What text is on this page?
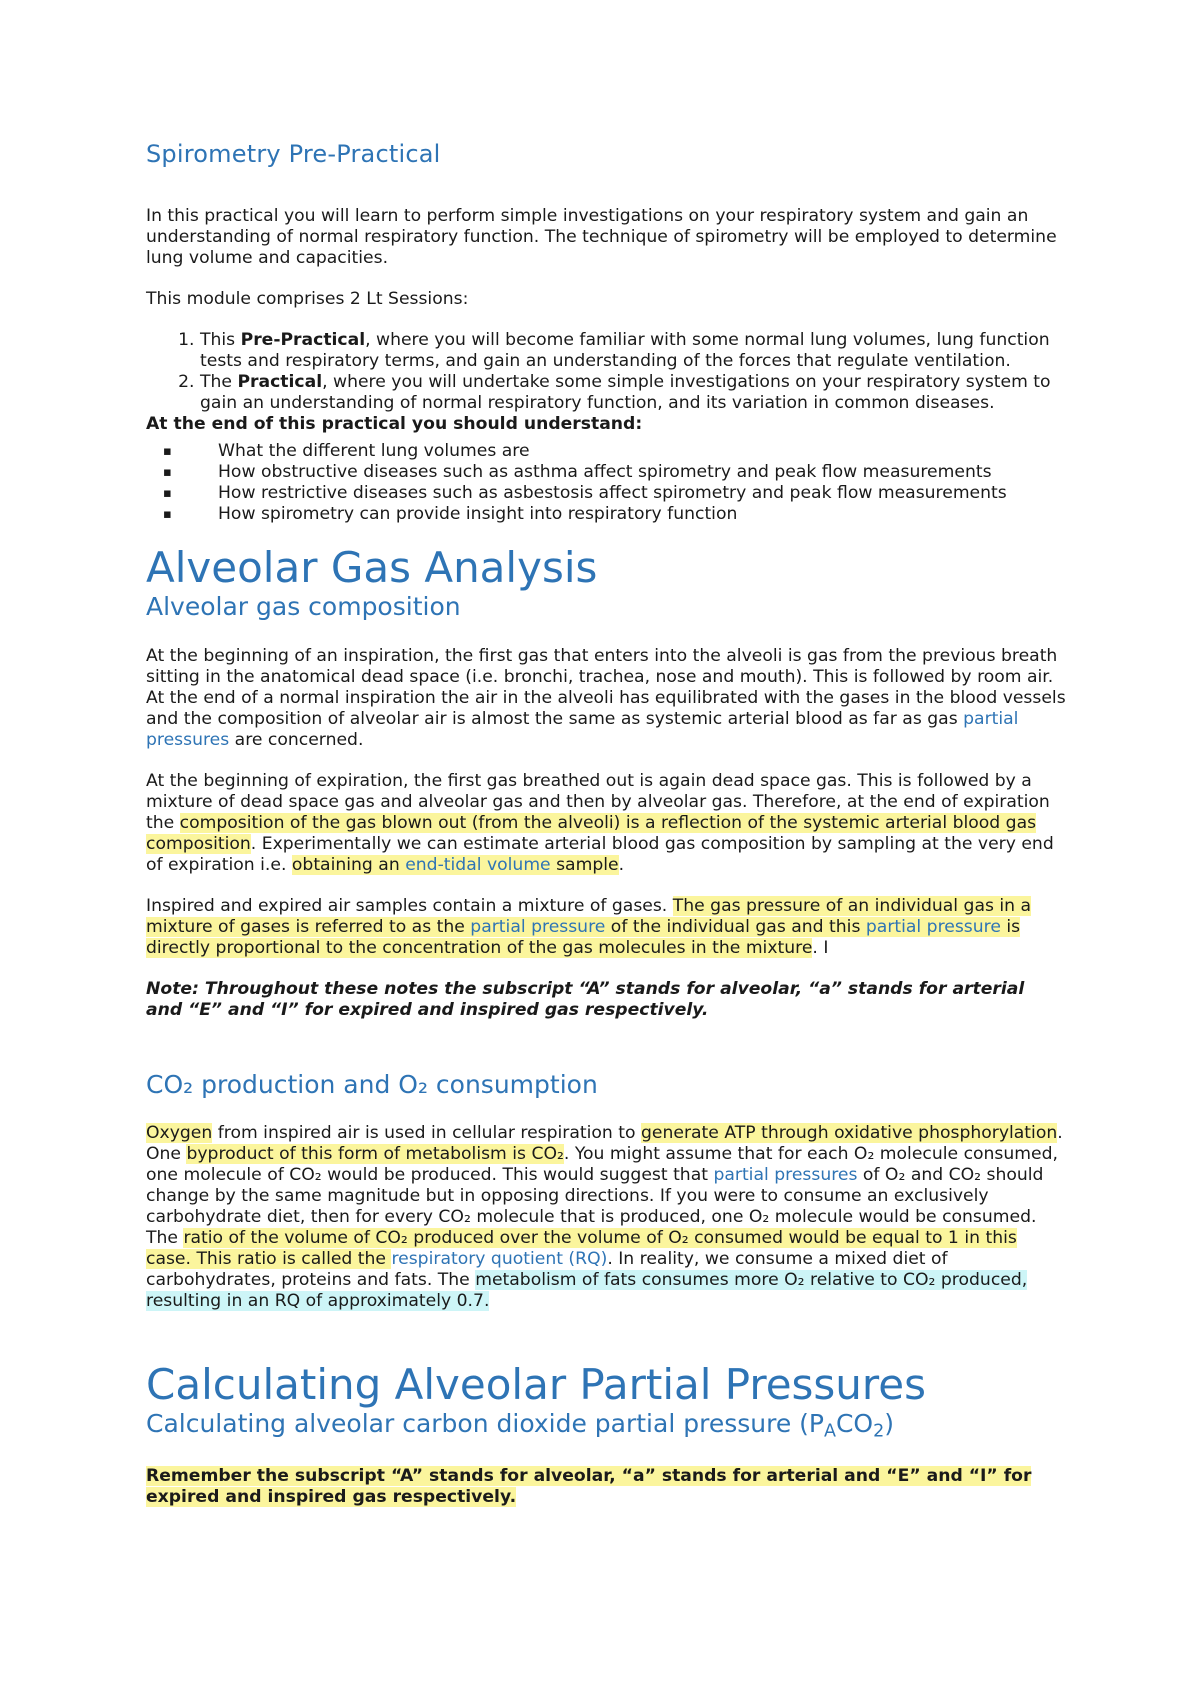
Spirometry Pre-Practical

In this practical you will learn to perform simple investigations on your respiratory system and gain an understanding of normal respiratory function. The technique of spirometry will be employed to determine lung volume and capacities.

This module comprises 2 Lt Sessions:

1. This Pre-Practical, where you will become familiar with some normal lung volumes, lung function tests and respiratory terms, and gain an understanding of the forces that regulate ventilation.
2. The Practical, where you will undertake some simple investigations on your respiratory system to gain an understanding of normal respiratory function, and its variation in common diseases.

At the end of this practical you should understand:

▪ What the different lung volumes are
▪ How obstructive diseases such as asthma affect spirometry and peak flow measurements
▪ How restrictive diseases such as asbestosis affect spirometry and peak flow measurements
▪ How spirometry can provide insight into respiratory function
Alveolar Gas Analysis
Alveolar gas composition

At the beginning of an inspiration, the first gas that enters into the alveoli is gas from the previous breath sitting in the anatomical dead space (i.e. bronchi, trachea, nose and mouth). This is followed by room air. At the end of a normal inspiration the air in the alveoli has equilibrated with the gases in the blood vessels and the composition of alveolar air is almost the same as systemic arterial blood as far as gas partial pressures are concerned.

At the beginning of expiration, the first gas breathed out is again dead space gas. This is followed by a mixture of dead space gas and alveolar gas and then by alveolar gas. Therefore, at the end of expiration the composition of the gas blown out (from the alveoli) is a reflection of the systemic arterial blood gas composition. Experimentally we can estimate arterial blood gas composition by sampling at the very end of expiration i.e. obtaining an end-tidal volume sample.

Inspired and expired air samples contain a mixture of gases. The gas pressure of an individual gas in a mixture of gases is referred to as the partial pressure of the individual gas and this partial pressure is directly proportional to the concentration of the gas molecules in the mixture. I

Note: Throughout these notes the subscript “A” stands for alveolar, “a” stands for arterial and “E” and “I” for expired and inspired gas respectively.

CO₂ production and O₂ consumption

Oxygen from inspired air is used in cellular respiration to generate ATP through oxidative phosphorylation. One byproduct of this form of metabolism is CO₂. You might assume that for each O₂ molecule consumed, one molecule of CO₂ would be produced. This would suggest that partial pressures of O₂ and CO₂ should change by the same magnitude but in opposing directions. If you were to consume an exclusively carbohydrate diet, then for every CO₂ molecule that is produced, one O₂ molecule would be consumed. The ratio of the volume of CO₂ produced over the volume of O₂ consumed would be equal to 1 in this case. This ratio is called the respiratory quotient (RQ). In reality, we consume a mixed diet of carbohydrates, proteins and fats. The metabolism of fats consumes more O₂ relative to CO₂ produced, resulting in an RQ of approximately 0.7.

Calculating Alveolar Partial Pressures
Calculating alveolar carbon dioxide partial pressure $(P_ACO_2)$

Remember the subscript “A” stands for alveolar, “a” stands for arterial and “E” and “I” for expired and inspired gas respectively.
